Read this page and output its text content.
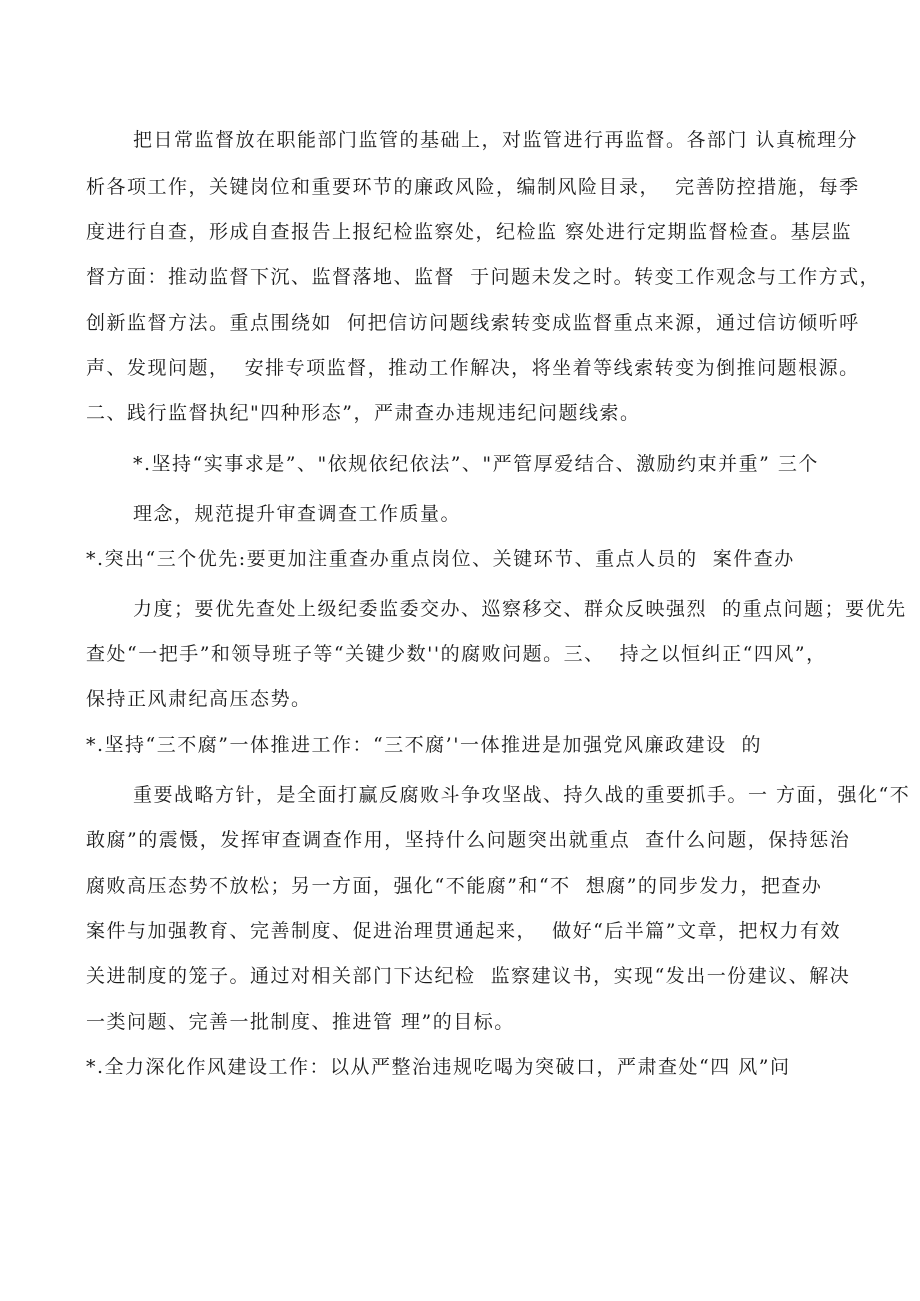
把日常监督放在职能部门监管的基础上，对监管进行再监督。各部门 认真梳理分
析各项工作，关键岗位和重要环节的廉政风险，编制风险目录，  完善防控措施，每季
度进行自查，形成自查报告上报纪检监察处，纪检监 察处进行定期监督检查。基层监
督方面：推动监督下沉、监督落地、监督  于问题未发之时。转变工作观念与工作方式，
创新监督方法。重点围绕如  何把信访问题线索转变成监督重点来源，通过信访倾听呼
声、发现问题，  安排专项监督，推动工作解决，将坐着等线索转变为倒推问题根源。
二、践行监督执纪"四种形态”，严肃查办违规违纪问题线索。
*.坚持“实事求是”、"依规依纪依法”、"严管厚爱结合、激励约束并重” 三个
理念，规范提升审查调查工作质量。
*.突出“三个优先:要更加注重查办重点岗位、关键环节、重点人员的  案件查办
力度；要优先查处上级纪委监委交办、巡察移交、群众反映强烈  的重点问题；要优先
查处“一把手”和领导班子等“关键少数''的腐败问题。三、  持之以恒纠正“四风”，
保持正风肃纪高压态势。
*.坚持“三不腐”一体推进工作：“三不腐’'一体推进是加强党风廉政建设  的
重要战略方针，是全面打赢反腐败斗争攻坚战、持久战的重要抓手。一 方面，强化“不
敢腐”的震慑，发挥审查调查作用，坚持什么问题突出就重点  查什么问题，保持惩治
腐败高压态势不放松；另一方面，强化“不能腐”和“不  想腐”的同步发力，把查办
案件与加强教育、完善制度、促进治理贯通起来，  做好“后半篇”文章，把权力有效
关进制度的笼子。通过对相关部门下达纪检  监察建议书，实现“发出一份建议、解决
一类问题、完善一批制度、推进管 理”的目标。
*.全力深化作风建设工作：以从严整治违规吃喝为突破口，严肃查处“四 风”问
